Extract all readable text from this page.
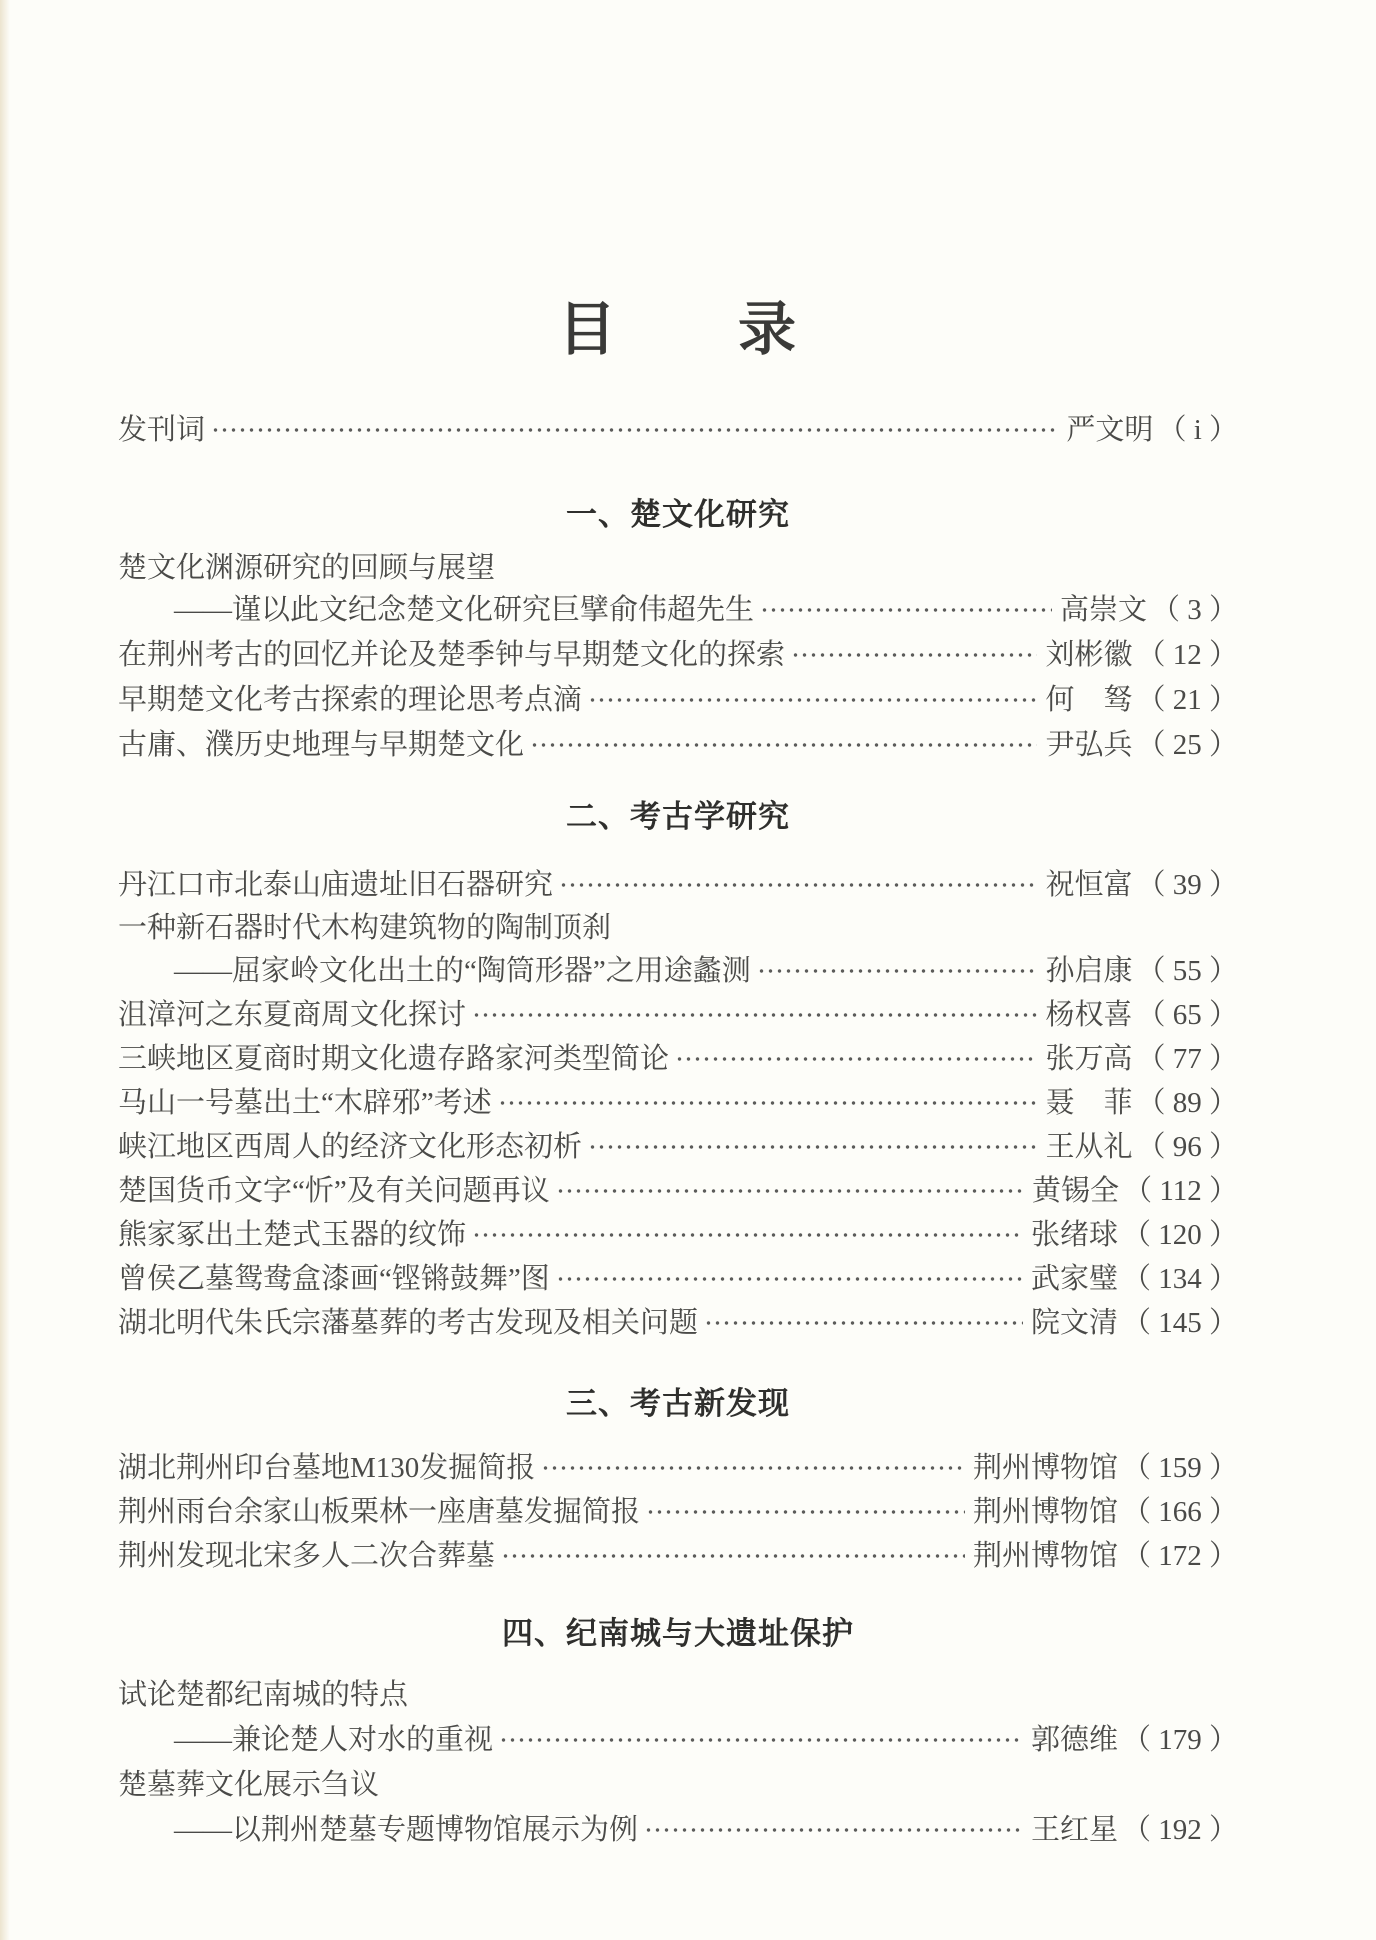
目　　录
发刊词	严文明 （ i ）
一、楚文化研究
楚文化渊源研究的回顾与展望
——谨以此文纪念楚文化研究巨擘俞伟超先生	高崇文 （ 3 ）
在荆州考古的回忆并论及楚季钟与早期楚文化的探索	刘彬徽 （ 12 ）
早期楚文化考古探索的理论思考点滴	何　驽 （ 21 ）
古庸、濮历史地理与早期楚文化	尹弘兵 （ 25 ）
二、考古学研究
丹江口市北泰山庙遗址旧石器研究	祝恒富 （ 39 ）
一种新石器时代木构建筑物的陶制顶刹
——屈家岭文化出土的“陶筒形器”之用途蠡测	孙启康 （ 55 ）
沮漳河之东夏商周文化探讨	杨权喜 （ 65 ）
三峡地区夏商时期文化遗存路家河类型简论	张万高 （ 77 ）
马山一号墓出土“木辟邪”考述	聂　菲 （ 89 ）
峡江地区西周人的经济文化形态初析	王从礼 （ 96 ）
楚国货币文字“忻”及有关问题再议	黄锡全 （ 112 ）
熊家冢出土楚式玉器的纹饰	张绪球 （ 120 ）
曾侯乙墓鸳鸯盒漆画“铿锵鼓舞”图	武家璧 （ 134 ）
湖北明代朱氏宗藩墓葬的考古发现及相关问题	院文清 （ 145 ）
三、考古新发现
湖北荆州印台墓地M130发掘简报	荆州博物馆 （ 159 ）
荆州雨台余家山板栗林一座唐墓发掘简报	荆州博物馆 （ 166 ）
荆州发现北宋多人二次合葬墓	荆州博物馆 （ 172 ）
四、纪南城与大遗址保护
试论楚都纪南城的特点
——兼论楚人对水的重视	郭德维 （ 179 ）
楚墓葬文化展示刍议
——以荆州楚墓专题博物馆展示为例	王红星 （ 192 ）
